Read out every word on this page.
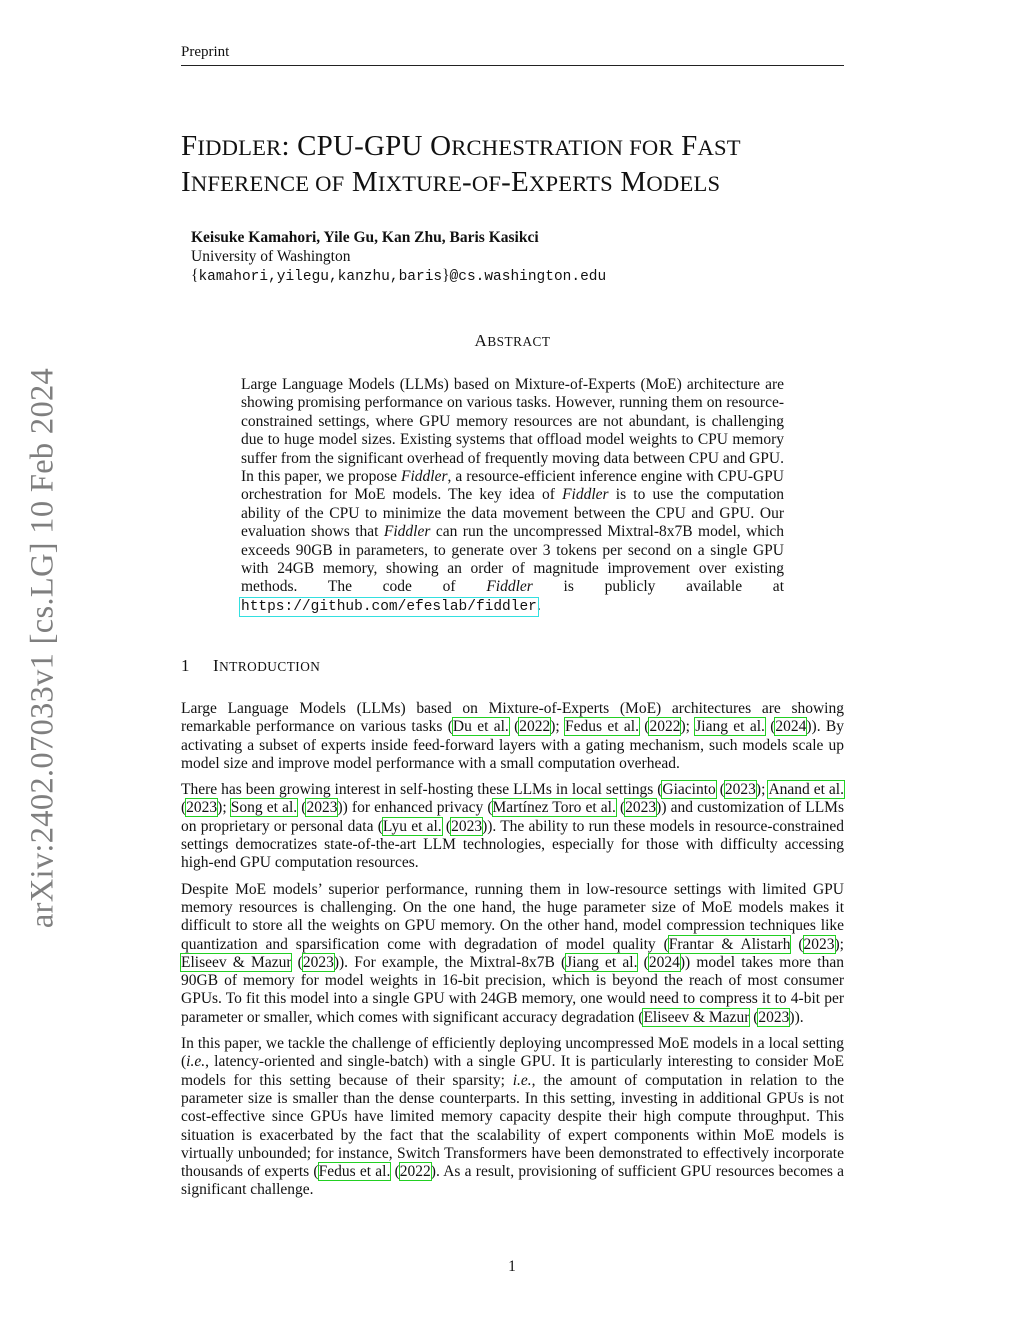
Preprint
arXiv:2402.07033v1 [cs.LG] 10 Feb 2024
FIDDLER: CPU-GPU ORCHESTRATION FOR FAST
INFERENCE OF MIXTURE-OF-EXPERTS MODELS
Keisuke Kamahori, Yile Gu, Kan Zhu, Baris Kasikci
University of Washington
{kamahori,yilegu,kanzhu,baris}@cs.washington.edu
ABSTRACT
Large Language Models (LLMs) based on Mixture-of-Experts (MoE) architecture are showing promising performance on various tasks. However, running them on resource-constrained settings, where GPU memory resources are not abundant, is challenging due to huge model sizes. Existing systems that offload model weights to CPU memory suffer from the significant overhead of frequently moving data between CPU and GPU. In this paper, we propose Fiddler, a resource-efficient inference engine with CPU-GPU orchestration for MoE models. The key idea of Fiddler is to use the computation ability of the CPU to minimize the data movement between the CPU and GPU. Our evaluation shows that Fiddler can run the uncompressed Mixtral-8x7B model, which exceeds 90GB in parameters, to generate over 3 tokens per second on a single GPU with 24GB memory, showing an order of magnitude improvement over existing methods. The code of Fiddler is publicly available at https://github.com/efeslab/fiddler.
1 INTRODUCTION

Large Language Models (LLMs) based on Mixture-of-Experts (MoE) architectures are showing remarkable performance on various tasks (Du et al. (2022); Fedus et al. (2022); Jiang et al. (2024)). By activating a subset of experts inside feed-forward layers with a gating mechanism, such models scale up model size and improve model performance with a small computation overhead.

There has been growing interest in self-hosting these LLMs in local settings (Giacinto (2023); Anand et al. (2023); Song et al. (2023)) for enhanced privacy (Martínez Toro et al. (2023)) and customization of LLMs on proprietary or personal data (Lyu et al. (2023)). The ability to run these models in resource-constrained settings democratizes state-of-the-art LLM technologies, especially for those with difficulty accessing high-end GPU computation resources.

Despite MoE models’ superior performance, running them in low-resource settings with limited GPU memory resources is challenging. On the one hand, the huge parameter size of MoE models makes it difficult to store all the weights on GPU memory. On the other hand, model compression techniques like quantization and sparsification come with degradation of model quality (Frantar & Alistarh (2023); Eliseev & Mazur (2023)). For example, the Mixtral-8x7B (Jiang et al. (2024)) model takes more than 90GB of memory for model weights in 16-bit precision, which is beyond the reach of most consumer GPUs. To fit this model into a single GPU with 24GB memory, one would need to compress it to 4-bit per parameter or smaller, which comes with significant accuracy degradation (Eliseev & Mazur (2023)).

In this paper, we tackle the challenge of efficiently deploying uncompressed MoE models in a local setting (i.e., latency-oriented and single-batch) with a single GPU. It is particularly interesting to consider MoE models for this setting because of their sparsity; i.e., the amount of computation in relation to the parameter size is smaller than the dense counterparts. In this setting, investing in additional GPUs is not cost-effective since GPUs have limited memory capacity despite their high compute throughput. This situation is exacerbated by the fact that the scalability of expert components within MoE models is virtually unbounded; for instance, Switch Transformers have been demonstrated to effectively incorporate thousands of experts (Fedus et al. (2022). As a result, provisioning of sufficient GPU resources becomes a significant challenge.

1
